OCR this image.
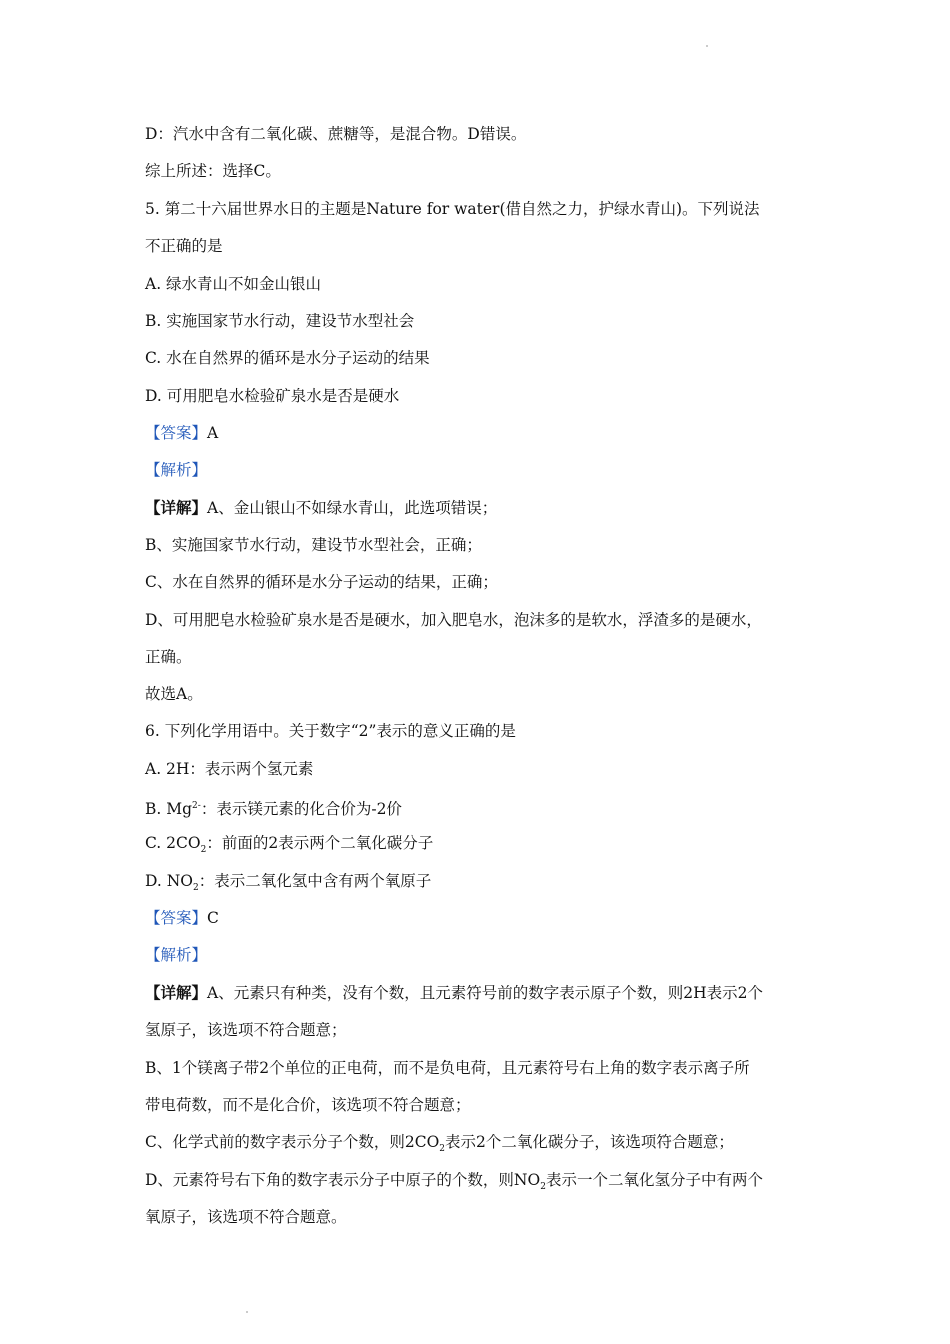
D：汽水中含有二氧化碳、蔗糖等，是混合物。D错误。
综上所述：选择C。
5. 第二十六届世界水日的主题是Nature for water(借自然之力，护绿水青山)。下列说法
不正确的是
A. 绿水青山不如金山银山
B. 实施国家节水行动，建设节水型社会
C. 水在自然界的循环是水分子运动的结果
D. 可用肥皂水检验矿泉水是否是硬水
【答案】A
【解析】
【详解】A、金山银山不如绿水青山，此选项错误；
B、实施国家节水行动，建设节水型社会，正确；
C、水在自然界的循环是水分子运动的结果，正确；
D、可用肥皂水检验矿泉水是否是硬水，加入肥皂水，泡沫多的是软水，浮渣多的是硬水，
正确。
故选A。
6. 下列化学用语中。关于数字“2”表示的意义正确的是
A. 2H：表示两个氢元素
B. $Mg^{2-}$：表示镁元素的化合价为-2价
C. $2CO_2$：前面的2表示两个二氧化碳分子
D. $NO_2$：表示二氧化氢中含有两个氧原子
【答案】C
【解析】
【详解】A、元素只有种类，没有个数，且元素符号前的数字表示原子个数，则2H表示2个
氢原子，该选项不符合题意；
B、1个镁离子带2个单位的正电荷，而不是负电荷，且元素符号右上角的数字表示离子所
带电荷数，而不是化合价，该选项不符合题意；
C、化学式前的数字表示分子个数，则$2CO_2$表示2个二氧化碳分子，该选项符合题意；
D、元素符号右下角的数字表示分子中原子的个数，则$NO_2$表示一个二氧化氢分子中有两个
氧原子，该选项不符合题意。
